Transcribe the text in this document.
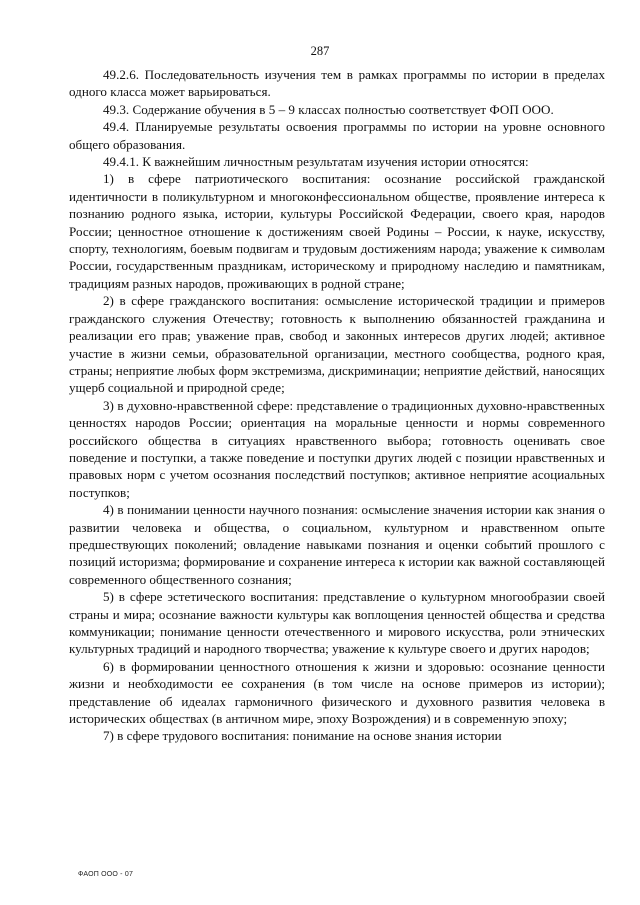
287

49.2.6. Последовательность изучения тем в рамках программы по истории в пределах одного класса может варьироваться.

49.3. Содержание обучения в 5 – 9 классах полностью соответствует ФОП ООО.

49.4. Планируемые результаты освоения программы по истории на уровне основного общего образования.

49.4.1. К важнейшим личностным результатам изучения истории относятся:

1) в сфере патриотического воспитания: осознание российской гражданской идентичности в поликультурном и многоконфессиональном обществе, проявление интереса к познанию родного языка, истории, культуры Российской Федерации, своего края, народов России; ценностное отношение к достижениям своей Родины – России, к науке, искусству, спорту, технологиям, боевым подвигам и трудовым достижениям народа; уважение к символам России, государственным праздникам, историческому и природному наследию и памятникам, традициям разных народов, проживающих в родной стране;

2) в сфере гражданского воспитания: осмысление исторической традиции и примеров гражданского служения Отечеству; готовность к выполнению обязанностей гражданина и реализации его прав; уважение прав, свобод и законных интересов других людей; активное участие в жизни семьи, образовательной организации, местного сообщества, родного края, страны; неприятие любых форм экстремизма, дискриминации; неприятие действий, наносящих ущерб социальной и природной среде;

3) в духовно-нравственной сфере: представление о традиционных духовно-нравственных ценностях народов России; ориентация на моральные ценности и нормы современного российского общества в ситуациях нравственного выбора; готовность оценивать свое поведение и поступки, а также поведение и поступки других людей с позиции нравственных и правовых норм с учетом осознания последствий поступков; активное неприятие асоциальных поступков;

4) в понимании ценности научного познания: осмысление значения истории как знания о развитии человека и общества, о социальном, культурном и нравственном опыте предшествующих поколений; овладение навыками познания и оценки событий прошлого с позиций историзма; формирование и сохранение интереса к истории как важной составляющей современного общественного сознания;

5) в сфере эстетического воспитания: представление о культурном многообразии своей страны и мира; осознание важности культуры как воплощения ценностей общества и средства коммуникации; понимание ценности отечественного и мирового искусства, роли этнических культурных традиций и народного творчества; уважение к культуре своего и других народов;

6) в формировании ценностного отношения к жизни и здоровью: осознание ценности жизни и необходимости ее сохранения (в том числе на основе примеров из истории); представление об идеалах гармоничного физического и духовного развития человека в исторических обществах (в античном мире, эпоху Возрождения) и в современную эпоху;

7) в сфере трудового воспитания: понимание на основе знания истории

ФАОП ООО - 07
